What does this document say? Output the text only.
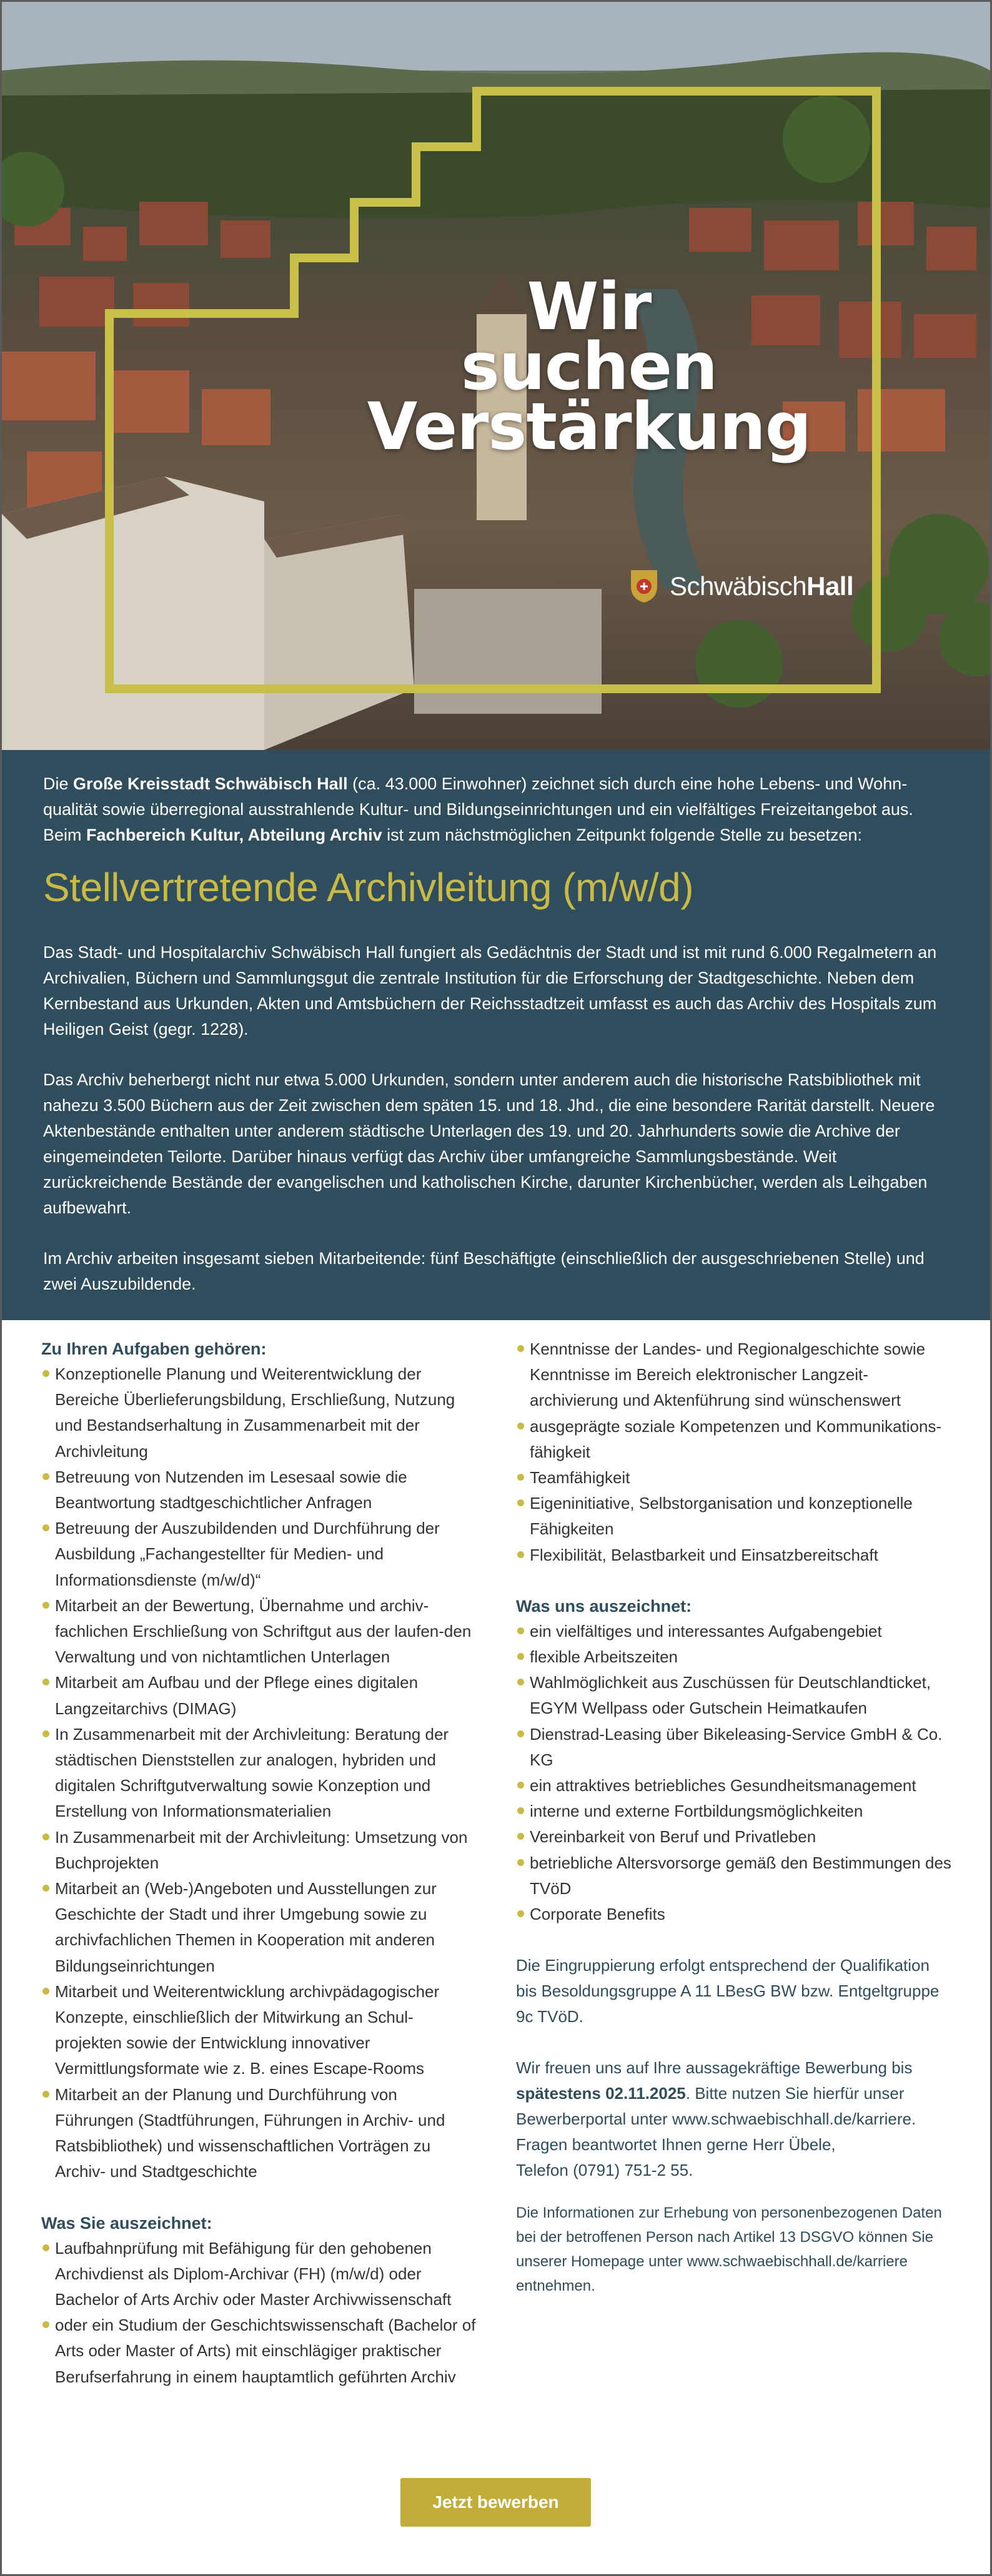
Wir
suchen
Verstärkung
SchwäbischHall

Die Große Kreisstadt Schwäbisch Hall (ca. 43.000 Einwohner) zeichnet sich durch eine hohe Lebens- und Wohn-qualität sowie überregional ausstrahlende Kultur- und Bildungseinrichtungen und ein vielfältiges Freizeitangebot aus.
Beim Fachbereich Kultur, Abteilung Archiv ist zum nächstmöglichen Zeitpunkt folgende Stelle zu besetzen:

Stellvertretende Archivleitung (m/w/d)

Das Stadt- und Hospitalarchiv Schwäbisch Hall fungiert als Gedächtnis der Stadt und ist mit rund 6.000 Regalmetern an Archivalien, Büchern und Sammlungsgut die zentrale Institution für die Erforschung der Stadtgeschichte. Neben dem Kernbestand aus Urkunden, Akten und Amtsbüchern der Reichsstadtzeit umfasst es auch das Archiv des Hospitals zum Heiligen Geist (gegr. 1228).

Das Archiv beherbergt nicht nur etwa 5.000 Urkunden, sondern unter anderem auch die historische Ratsbibliothek mit nahezu 3.500 Büchern aus der Zeit zwischen dem späten 15. und 18. Jhd., die eine besondere Rarität darstellt. Neuere Aktenbestände enthalten unter anderem städtische Unterlagen des 19. und 20. Jahrhunderts sowie die Archive der eingemeindeten Teilorte. Darüber hinaus verfügt das Archiv über umfangreiche Sammlungsbestände. Weit zurückreichende Bestände der evangelischen und katholischen Kirche, darunter Kirchenbücher, werden als Leihgaben aufbewahrt.

Im Archiv arbeiten insgesamt sieben Mitarbeitende: fünf Beschäftigte (einschließlich der ausgeschriebenen Stelle) und zwei Auszubildende.

Zu Ihren Aufgaben gehören:
Konzeptionelle Planung und Weiterentwicklung der Bereiche Überlieferungsbildung, Erschließung, Nutzung und Bestandserhaltung in Zusammenarbeit mit der Archivleitung
Betreuung von Nutzenden im Lesesaal sowie die Beantwortung stadtgeschichtlicher Anfragen
Betreuung der Auszubildenden und Durchführung der Ausbildung „Fachangestellter für Medien- und Informationsdienste (m/w/d)“
Mitarbeit an der Bewertung, Übernahme und archiv-fachlichen Erschließung von Schriftgut aus der laufen-den Verwaltung und von nichtamtlichen Unterlagen
Mitarbeit am Aufbau und der Pflege eines digitalen Langzeitarchivs (DIMAG)
In Zusammenarbeit mit der Archivleitung: Beratung der städtischen Dienststellen zur analogen, hybriden und digitalen Schriftgutverwaltung sowie Konzeption und Erstellung von Informationsmaterialien
In Zusammenarbeit mit der Archivleitung: Umsetzung von Buchprojekten
Mitarbeit an (Web-)Angeboten und Ausstellungen zur Geschichte der Stadt und ihrer Umgebung sowie zu archivfachlichen Themen in Kooperation mit anderen Bildungseinrichtungen
Mitarbeit und Weiterentwicklung archivpädagogischer Konzepte, einschließlich der Mitwirkung an Schul-projekten sowie der Entwicklung innovativer Vermittlungsformate wie z. B. eines Escape-Rooms
Mitarbeit an der Planung und Durchführung von Führungen (Stadtführungen, Führungen in Archiv- und Ratsbibliothek) und wissenschaftlichen Vorträgen zu Archiv- und Stadtgeschichte
Was Sie auszeichnet:
Laufbahnprüfung mit Befähigung für den gehobenen Archivdienst als Diplom-Archivar (FH) (m/w/d) oder Bachelor of Arts Archiv oder Master Archivwissenschaft
oder ein Studium der Geschichtswissenschaft (Bachelor of Arts oder Master of Arts) mit einschlägiger praktischer Berufserfahrung in einem hauptamtlich geführten Archiv
Kenntnisse der Landes- und Regionalgeschichte sowie Kenntnisse im Bereich elektronischer Langzeit-archivierung und Aktenführung sind wünschenswert
ausgeprägte soziale Kompetenzen und Kommunikations-fähigkeit
Teamfähigkeit
Eigeninitiative, Selbstorganisation und konzeptionelle Fähigkeiten
Flexibilität, Belastbarkeit und Einsatzbereitschaft
Was uns auszeichnet:
ein vielfältiges und interessantes Aufgabengebiet
flexible Arbeitszeiten
Wahlmöglichkeit aus Zuschüssen für Deutschlandticket, EGYM Wellpass oder Gutschein Heimatkaufen
Dienstrad-Leasing über Bikeleasing-Service GmbH & Co. KG
ein attraktives betriebliches Gesundheitsmanagement
interne und externe Fortbildungsmöglichkeiten
Vereinbarkeit von Beruf und Privatleben
betriebliche Altersvorsorge gemäß den Bestimmungen des TVöD
Corporate Benefits

Die Eingruppierung erfolgt entsprechend der Qualifikation bis Besoldungsgruppe A 11 LBesG BW bzw. Entgeltgruppe 9c TVöD.

Wir freuen uns auf Ihre aussagekräftige Bewerbung bis spätestens 02.11.2025. Bitte nutzen Sie hierfür unser Bewerberportal unter www.schwaebischhall.de/karriere.
Fragen beantwortet Ihnen gerne Herr Übele,
Telefon (0791) 751-2 55.

Die Informationen zur Erhebung von personenbezogenen Daten bei der betroffenen Person nach Artikel 13 DSGVO können Sie unserer Homepage unter www.schwaebischhall.de/karriere entnehmen.

Jetzt bewerben
